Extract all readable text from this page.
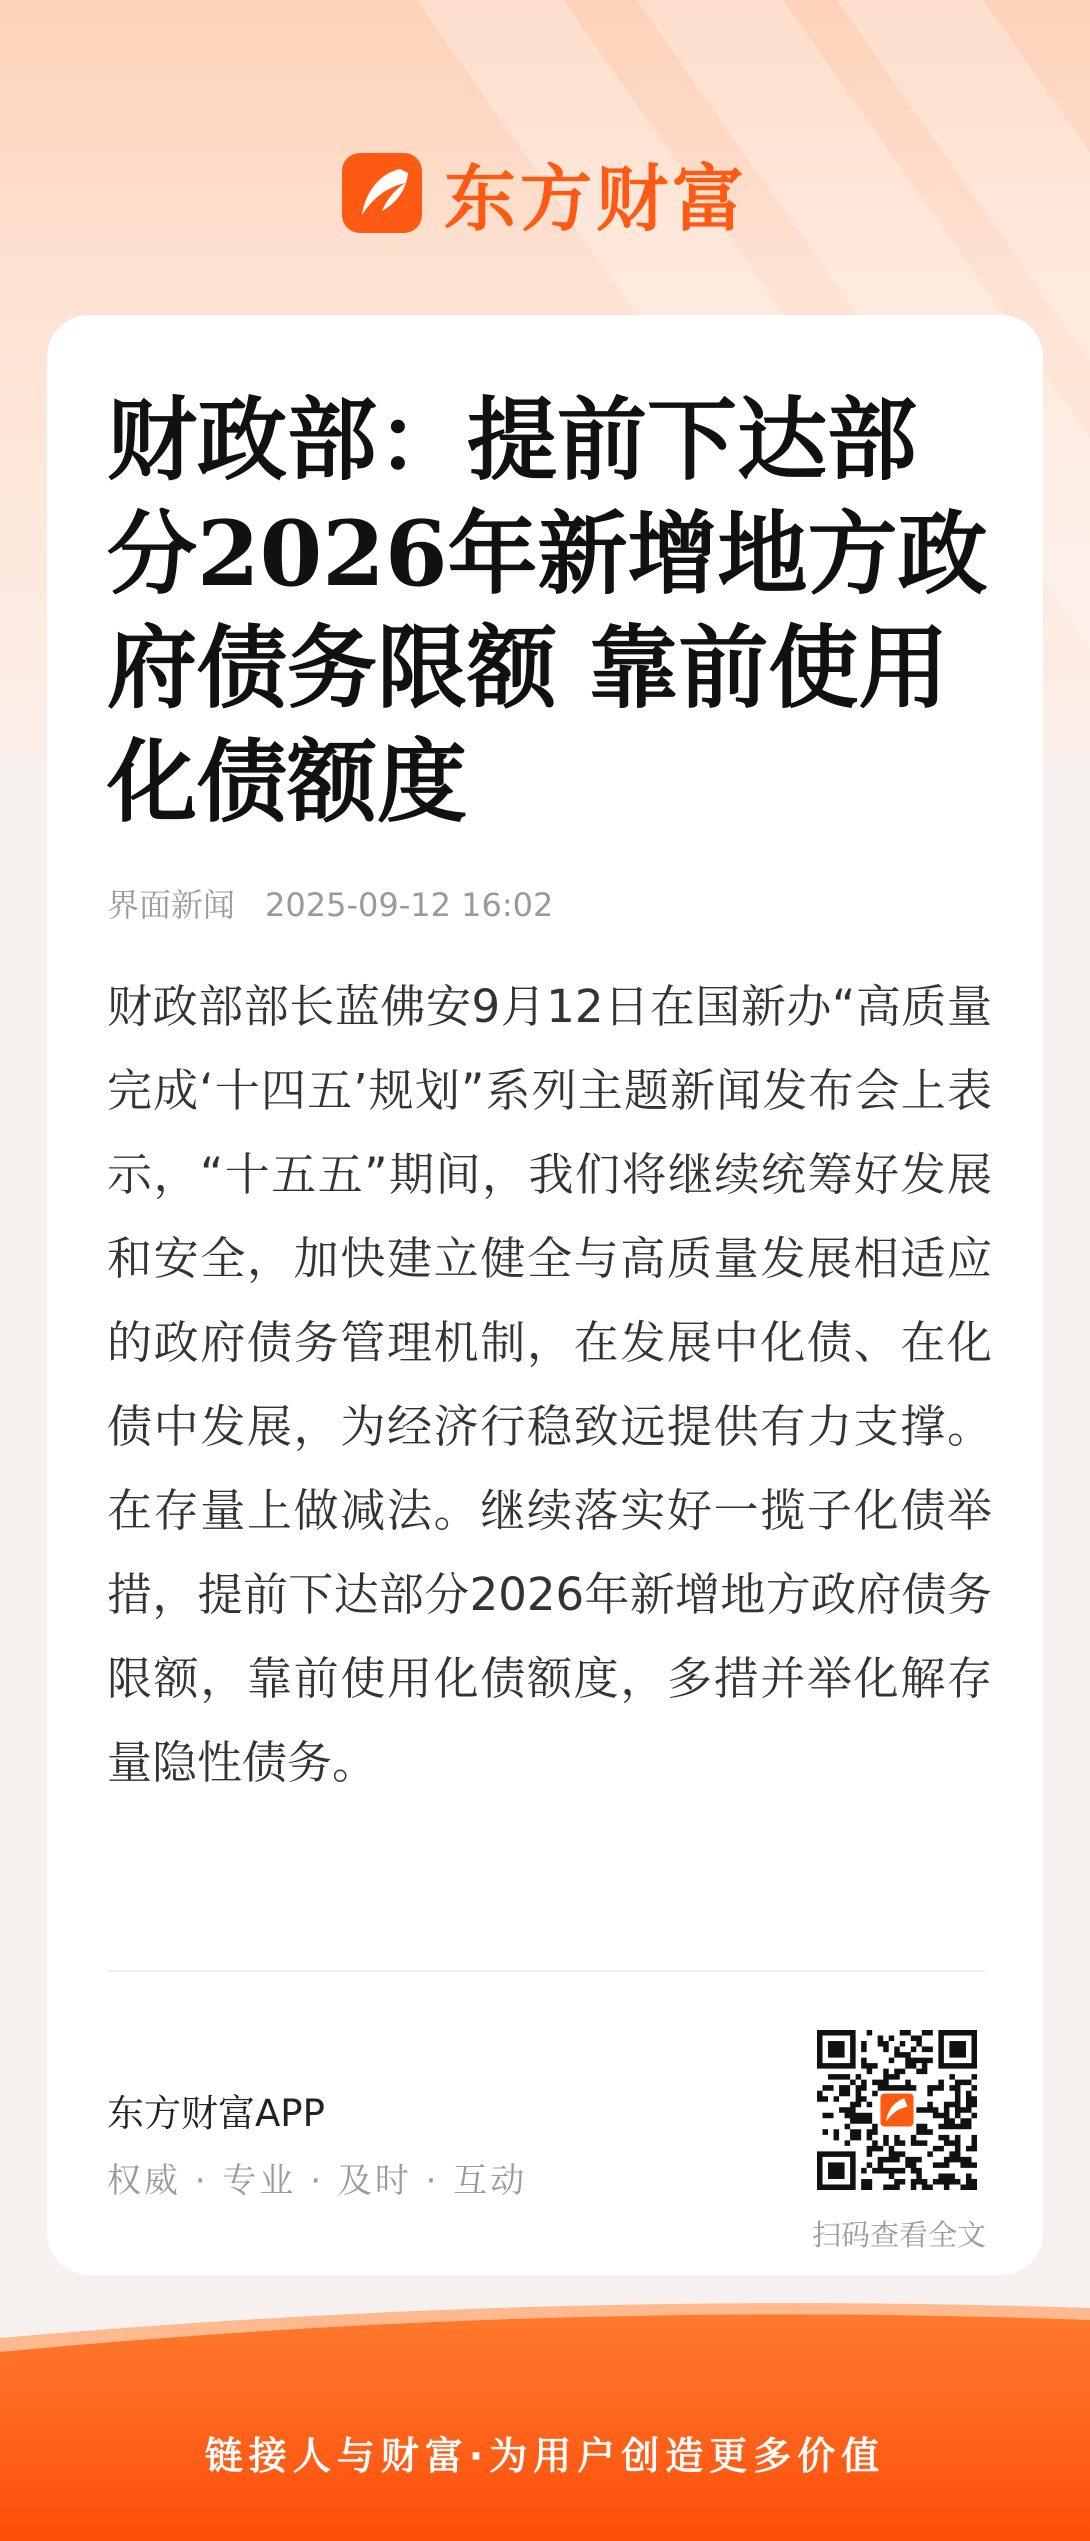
东方财富
财政部：提前下达部分2026年新增地方政府债务限额 靠前使用化债额度
界面新闻 2025-09-12 16:02

财政部部长蓝佛安9月12日在国新办“高质量完成‘十四五’规划”系列主题新闻发布会上表示，“十五五”期间，我们将继续统筹好发展和安全，加快建立健全与高质量发展相适应的政府债务管理机制，在发展中化债、在化债中发展，为经济行稳致远提供有力支撑。在存量上做减法。继续落实好一揽子化债举措，提前下达部分2026年新增地方政府债务限额，靠前使用化债额度，多措并举化解存量隐性债务。

东方财富APP
权威 · 专业 · 及时 · 互动
扫码查看全文
链接人与财富·为用户创造更多价值
